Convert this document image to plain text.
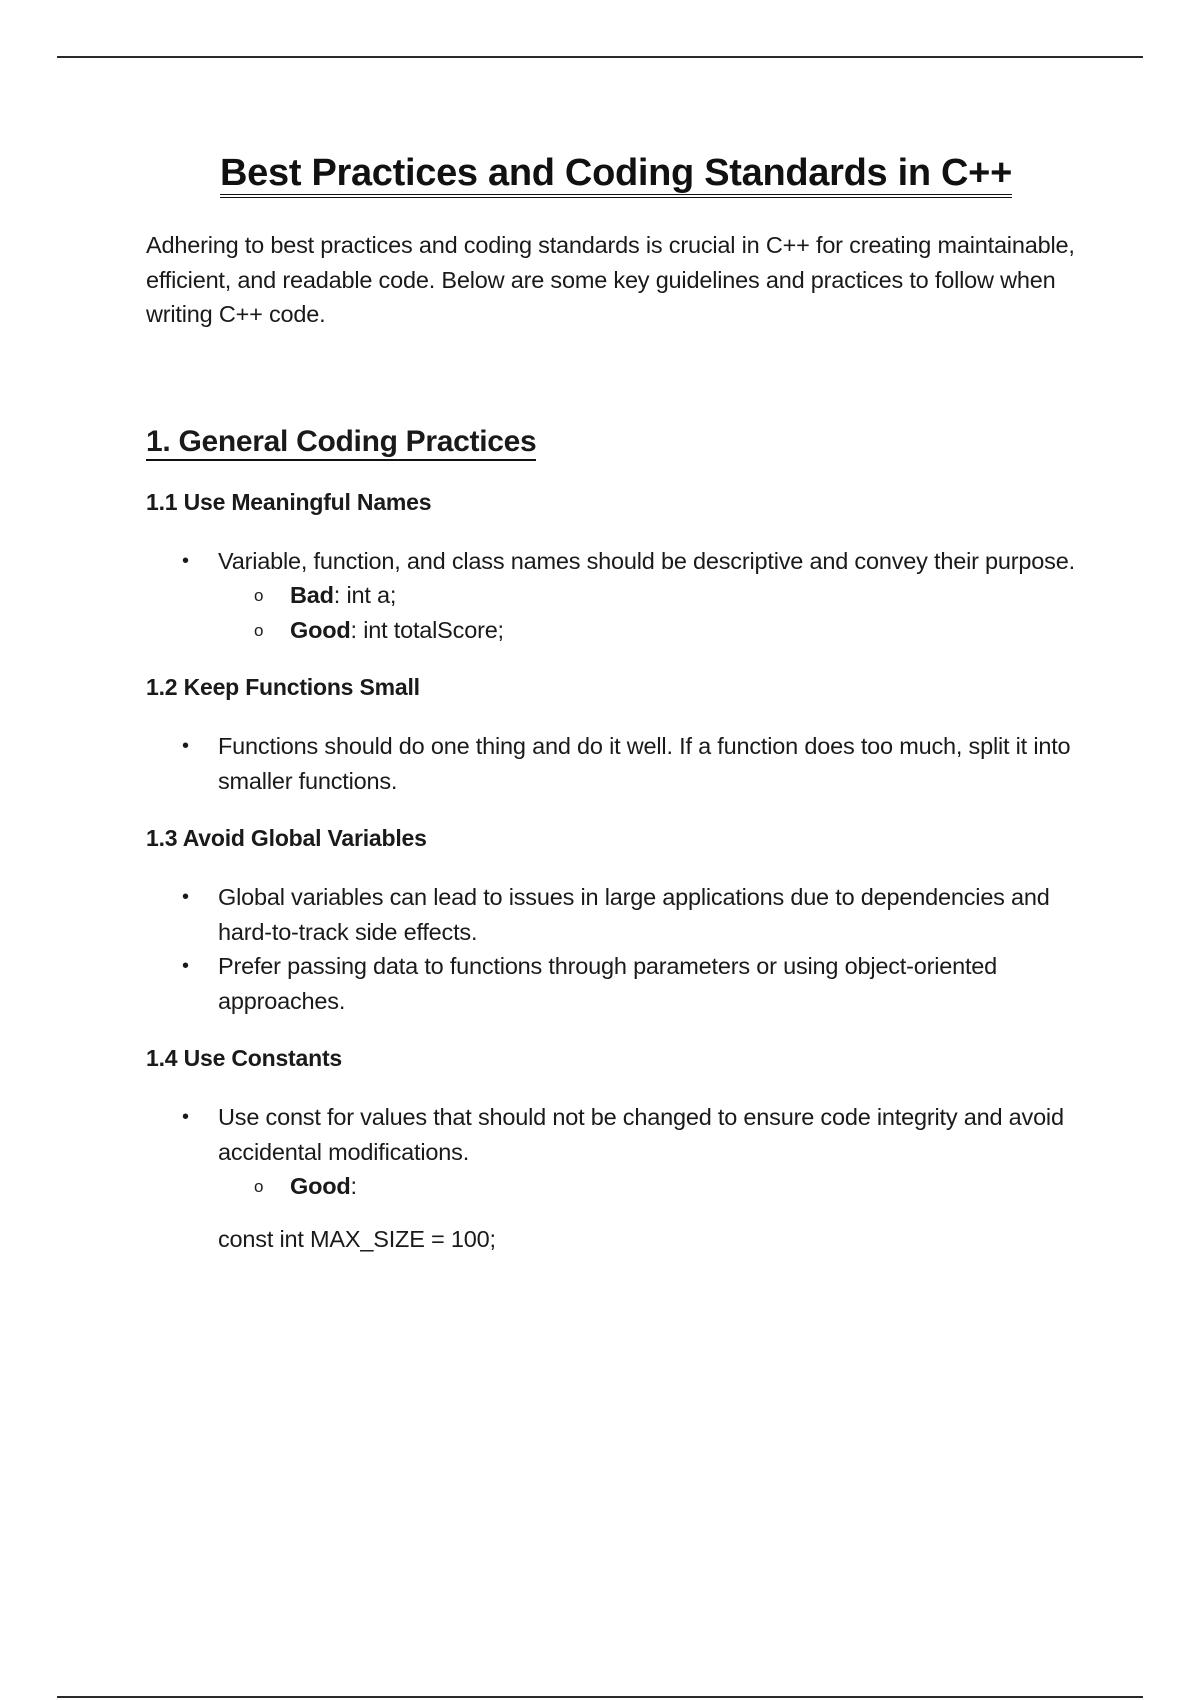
Best Practices and Coding Standards in C++

Adhering to best practices and coding standards is crucial in C++ for creating maintainable, efficient, and readable code. Below are some key guidelines and practices to follow when writing C++ code.

1. General Coding Practices
1.1 Use Meaningful Names
• Variable, function, and class names should be descriptive and convey their purpose.
o Bad: int a;
o Good: int totalScore;
1.2 Keep Functions Small
• Functions should do one thing and do it well. If a function does too much, split it into smaller functions.
1.3 Avoid Global Variables
• Global variables can lead to issues in large applications due to dependencies and hard-to-track side effects.
• Prefer passing data to functions through parameters or using object-oriented approaches.
1.4 Use Constants
• Use const for values that should not be changed to ensure code integrity and avoid accidental modifications.
o Good:
const int MAX_SIZE = 100;
